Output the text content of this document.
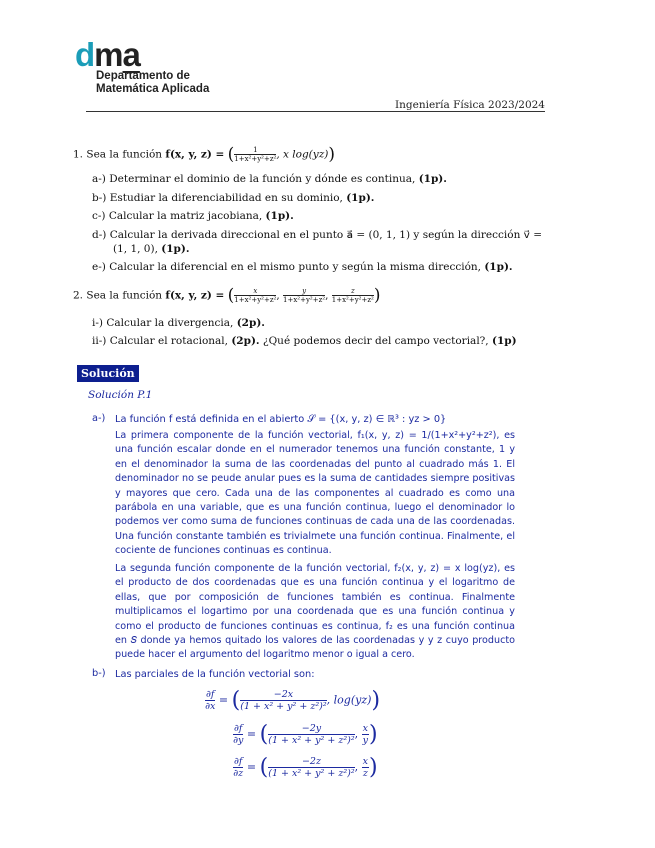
dma
Departamento de
Matemática Aplicada
Ingeniería Física 2023/2024
1. Sea la función f(x, y, z) = ( $\frac{1}{\text{1+x²+y²+z²}}$ , x log(yz))
a-) Determinar el dominio de la función y dónde es continua, (1p).
b-) Estudiar la diferenciabilidad en su dominio, (1p).
c-) Calcular la matriz jacobiana, (1p).
d-) Calcular la derivada direccional en el punto a⃗ = (0, 1, 1) y según la dirección v⃗ =
(1, 1, 0), (1p).
e-) Calcular la diferencial en el mismo punto y según la misma dirección, (1p).
2. Sea la función f(x, y, z) = ( $\frac{x}{\text{1+x²+y²+z²}}$ , $\frac{y}{\text{1+x²+y²+z²}}$ , $\frac{z}{\text{1+x²+y²+z²}}$ )
i-) Calcular la divergencia, (2p).
ii-) Calcular el rotacional, (2p). ¿Qué podemos decir del campo vectorial?, (1p)
Solución
Solución P.1
a-) La función f está definida en el abierto 𝒮 = {(x, y, z) ∈ ℝ³ : yz > 0}
La primera componente de la función vectorial, f₁(x, y, z) = 1/(1+x²+y²+z²), es una función escalar donde en el numerador tenemos una función constante, 1 y en el denominador la suma de las coordenadas del punto al cuadrado más 1. El denominador no se peude anular pues es la suma de cantidades siempre positivas y mayores que cero. Cada una de las componentes al cuadrado es como una parábola en una variable, que es una función continua, luego el denominador lo podemos ver como suma de funciones continuas de cada una de las coordenadas. Una función constante también es trivialmete una función continua. Finalmente, el cociente de funciones continuas es continua.
La segunda función componente de la función vectorial, f₂(x, y, z) = x log(yz), es el producto de dos coordenadas que es una función continua y el logaritmo de ellas, que por composición de funciones también es continua. Finalmente multiplicamos el logartimo por una coordenada que es una función continua y como el producto de funciones continuas es continua, f₂ es una función continua en 𝑆 donde ya hemos quitado los valores de las coordenadas y y z cuyo producto puede hacer el argumento del logaritmo menor o igual a cero.
b-) Las parciales de la función vectorial son:
$\frac{\partial f}{\partial x}$ = ( $\frac{-2x}{\text{(1 + x² + y² + z²)²}}$ , log(yz))
$\frac{\partial f}{\partial y}$ = ( $\frac{-2y}{\text{(1 + x² + y² + z²)²}}$ , $\frac{x}{y}$ )
$\frac{\partial f}{\partial z}$ = ( $\frac{-2z}{\text{(1 + x² + y² + z²)²}}$ , $\frac{x}{z}$ )
